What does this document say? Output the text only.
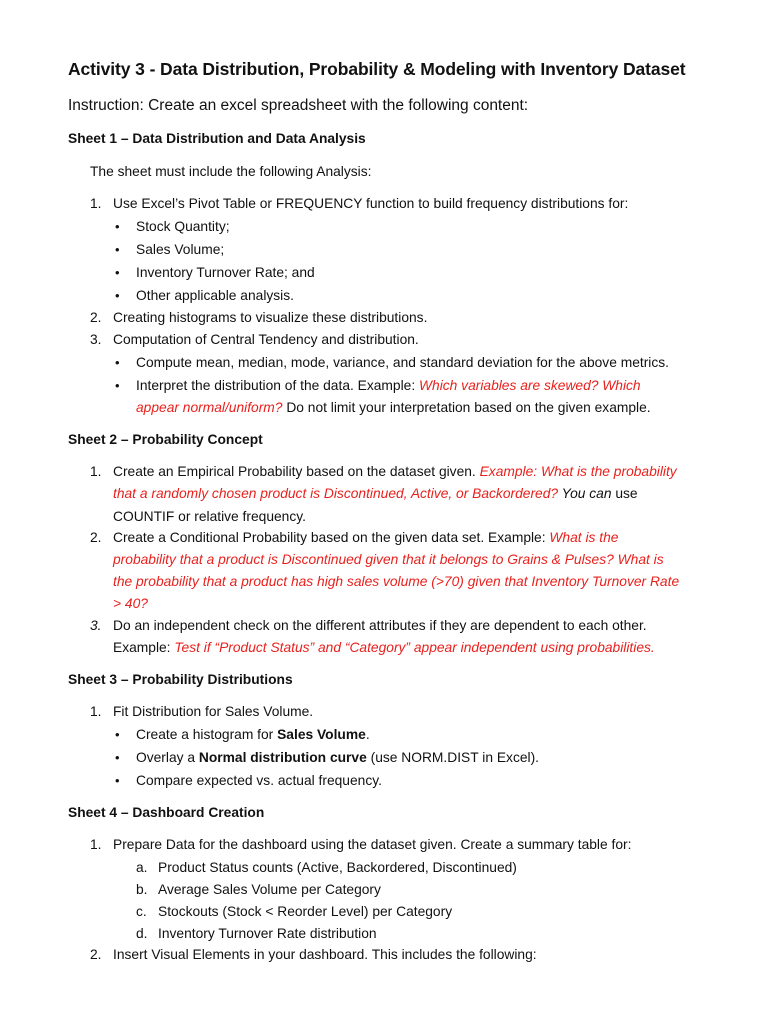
Activity 3 - Data Distribution, Probability & Modeling with Inventory Dataset
Instruction: Create an excel spreadsheet with the following content:
Sheet 1 – Data Distribution and Data Analysis
The sheet must include the following Analysis:
1. Use Excel’s Pivot Table or FREQUENCY function to build frequency distributions for:
• Stock Quantity;
• Sales Volume;
• Inventory Turnover Rate; and
• Other applicable analysis.
2. Creating histograms to visualize these distributions.
3. Computation of Central Tendency and distribution.
• Compute mean, median, mode, variance, and standard deviation for the above metrics.
• Interpret the distribution of the data. Example: Which variables are skewed? Which
appear normal/uniform? Do not limit your interpretation based on the given example.
Sheet 2 – Probability Concept
1. Create an Empirical Probability based on the dataset given. Example: What is the probability
that a randomly chosen product is Discontinued, Active, or Backordered? You can use
COUNTIF or relative frequency.
2. Create a Conditional Probability based on the given data set. Example: What is the
probability that a product is Discontinued given that it belongs to Grains & Pulses? What is
the probability that a product has high sales volume (>70) given that Inventory Turnover Rate
> 40?
3. Do an independent check on the different attributes if they are dependent to each other.
Example: Test if “Product Status” and “Category” appear independent using probabilities.
Sheet 3 – Probability Distributions
1. Fit Distribution for Sales Volume.
• Create a histogram for Sales Volume.
• Overlay a Normal distribution curve (use NORM.DIST in Excel).
• Compare expected vs. actual frequency.
Sheet 4 – Dashboard Creation
1. Prepare Data for the dashboard using the dataset given. Create a summary table for:
a. Product Status counts (Active, Backordered, Discontinued)
b. Average Sales Volume per Category
c. Stockouts (Stock < Reorder Level) per Category
d. Inventory Turnover Rate distribution
2. Insert Visual Elements in your dashboard. This includes the following:
